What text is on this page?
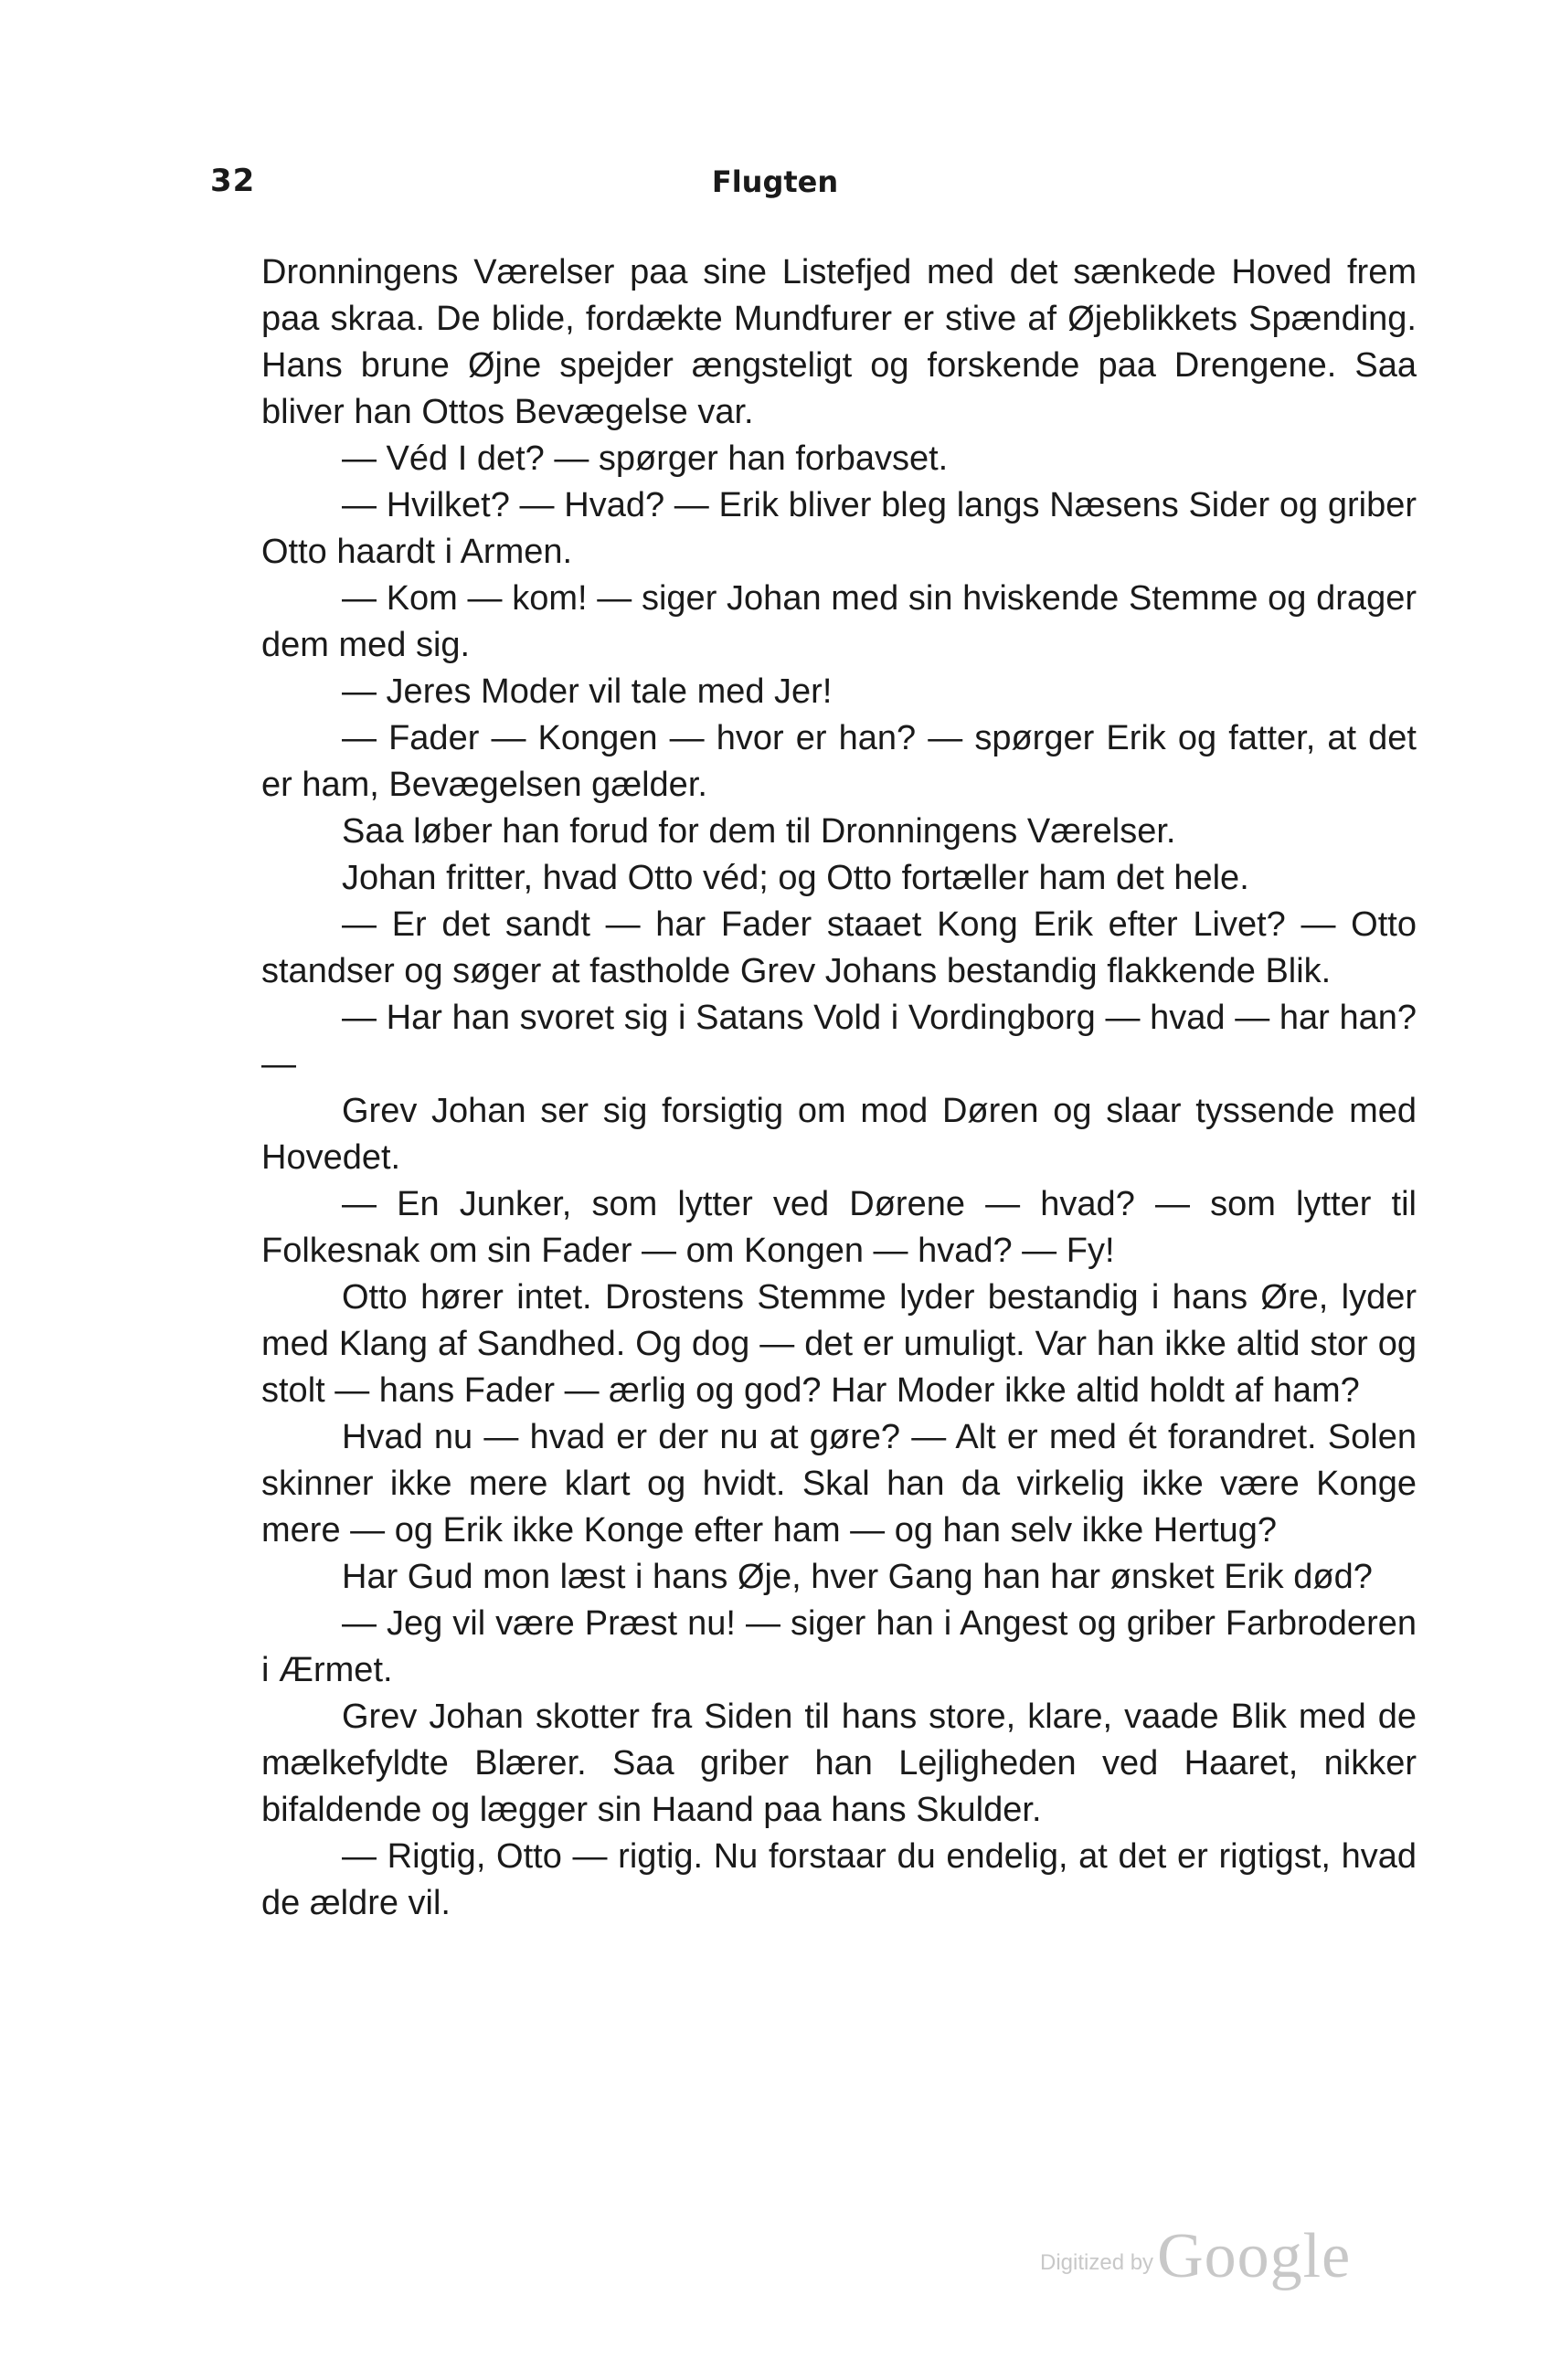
32	Flugten

Dronningens Værelser paa sine Listefjed med det sænkede Hoved frem paa skraa. De blide, fordækte Mundfurer er stive af Øjeblikkets Spænding. Hans brune Øjne spejder ængsteligt og forskende paa Drengene. Saa bliver han Ottos Bevægelse var.

— Véd I det? — spørger han forbavset.

— Hvilket? — Hvad? — Erik bliver bleg langs Næsens Sider og griber Otto haardt i Armen.

— Kom — kom! — siger Johan med sin hviskende Stemme og drager dem med sig.

— Jeres Moder vil tale med Jer!

— Fader — Kongen — hvor er han? — spørger Erik og fatter, at det er ham, Bevægelsen gælder.

Saa løber han forud for dem til Dronningens Værelser.

Johan fritter, hvad Otto véd; og Otto fortæller ham det hele.

— Er det sandt — har Fader staaet Kong Erik efter Livet? — Otto standser og søger at fastholde Grev Johans bestandig flakkende Blik.

— Har han svoret sig i Satans Vold i Vordingborg — hvad — har han? —

Grev Johan ser sig forsigtig om mod Døren og slaar tyssende med Hovedet.

— En Junker, som lytter ved Dørene — hvad? — som lytter til Folkesnak om sin Fader — om Kongen — hvad? — Fy!

Otto hører intet. Drostens Stemme lyder bestandig i hans Øre, lyder med Klang af Sandhed. Og dog — det er umuligt. Var han ikke altid stor og stolt — hans Fader — ærlig og god? Har Moder ikke altid holdt af ham?

Hvad nu — hvad er der nu at gøre? — Alt er med ét forandret. Solen skinner ikke mere klart og hvidt. Skal han da virkelig ikke være Konge mere — og Erik ikke Konge efter ham — og han selv ikke Hertug?

Har Gud mon læst i hans Øje, hver Gang han har ønsket Erik død?

— Jeg vil være Præst nu! — siger han i Angest og griber Farbroderen i Ærmet.

Grev Johan skotter fra Siden til hans store, klare, vaade Blik med de mælkefyldte Blærer. Saa griber han Lejligheden ved Haaret, nikker bifaldende og lægger sin Haand paa hans Skulder.

— Rigtig, Otto — rigtig. Nu forstaar du endelig, at det er rigtigst, hvad de ældre vil.

Digitized by Google
